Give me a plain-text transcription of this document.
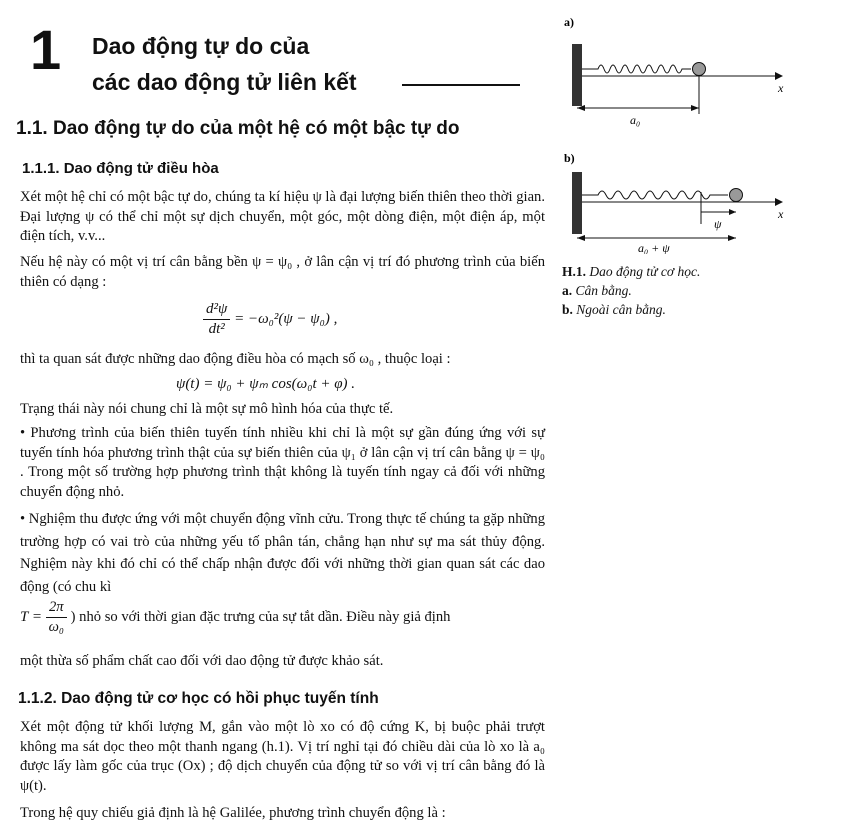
1 Dao động tự do của
các dao động tử liên kết
1.1. Dao động tự do của một hệ có một bậc tự do
1.1.1. Dao động tử điều hòa
Xét một hệ chỉ có một bậc tự do, chúng ta kí hiệu ψ là đại lượng biến thiên theo thời gian. Đại lượng ψ có thể chỉ một sự dịch chuyển, một góc, một dòng điện, một điện áp, một điện tích, v.v...
Nếu hệ này có một vị trí cân bằng bền ψ = ψ₀ , ở lân cận vị trí đó phương trình của biến thiên có dạng :
$\frac{\text{d²ψ}}{\text{dt²}} = -\omega_0^2(\psi - \psi_0)$ ,
thì ta quan sát được những dao động điều hòa có mạch số ω₀ , thuộc loại :
ψ(t) = ψ₀ + ψₘ cos(ω₀t + φ) .
Trạng thái này nói chung chỉ là một sự mô hình hóa của thực tế.
• Phương trình của biến thiên tuyến tính nhiều khi chỉ là một sự gần đúng ứng với sự tuyến tính hóa phương trình thật của sự biến thiên của ψ₁ ở lân cận vị trí cân bằng ψ = ψ₀ . Trong một số trường hợp phương trình thật không là tuyến tính ngay cả đối với những chuyển động nhỏ.
• Nghiệm thu được ứng với một chuyển động vĩnh cửu. Trong thực tế chúng ta gặp những trường hợp có vai trò của những yếu tố phân tán, chẳng hạn như sự ma sát thủy động. Nghiệm này khi đó chỉ có thể chấp nhận được đối với những thời gian quan sát các dao động (có chu kì
$T = \frac{2\pi}{\text{ω₀}}$ ) nhỏ so với thời gian đặc trưng của sự tắt dần. Điều này giả định
một thừa số phẩm chất cao đối với dao động tử được khảo sát.
1.1.2. Dao động tử cơ học có hồi phục tuyến tính
Xét một động tử khối lượng M, gắn vào một lò xo có độ cứng K, bị buộc phải trượt không ma sát dọc theo một thanh ngang (h.1). Vị trí nghỉ tại đó chiều dài của lò xo là a₀ được lấy làm gốc của trục (Ox) ; độ dịch chuyển của động tử so với vị trí cân bằng đó là ψ(t).
Trong hệ quy chiếu giả định là hệ Galilée, phương trình chuyển động là :
a)
x
a₀
b)
x
ψ
a₀ + ψ
H.1. Dao động tử cơ học.
a. Cân bằng.
b. Ngoài cân bằng.
